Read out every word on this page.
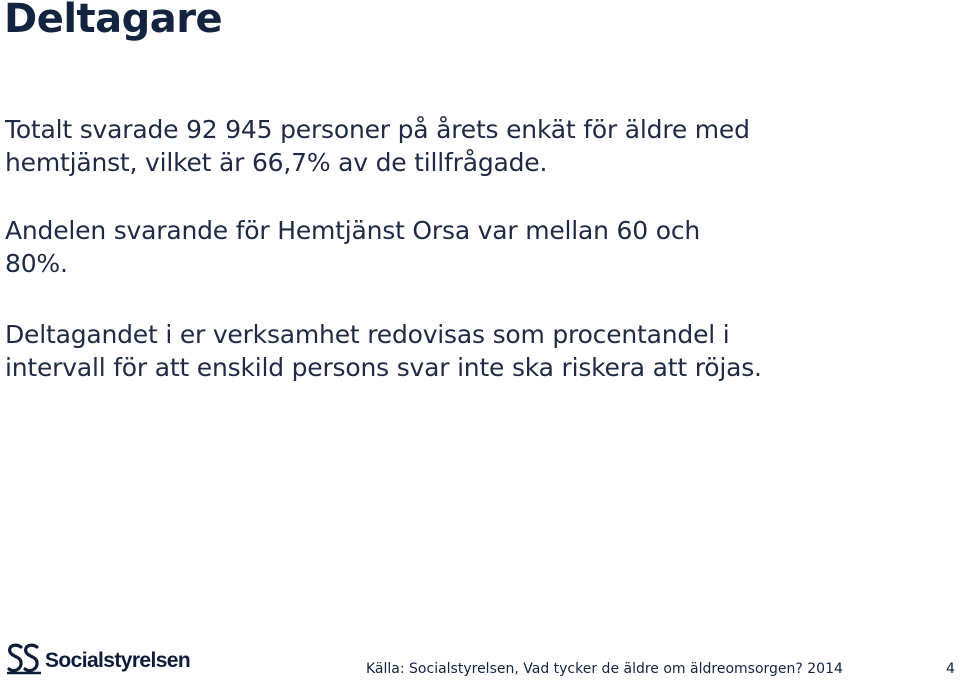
Deltagare
Totalt svarade 92 945 personer på årets enkät för äldre med
hemtjänst, vilket är 66,7% av de tillfrågade.
Andelen svarande för Hemtjänst Orsa var mellan 60 och
80%.
Deltagandet i er verksamhet redovisas som procentandel i
intervall för att enskild persons svar inte ska riskera att röjas.
Socialstyrelsen	Källa: Socialstyrelsen, Vad tycker de äldre om äldreomsorgen? 2014	4
